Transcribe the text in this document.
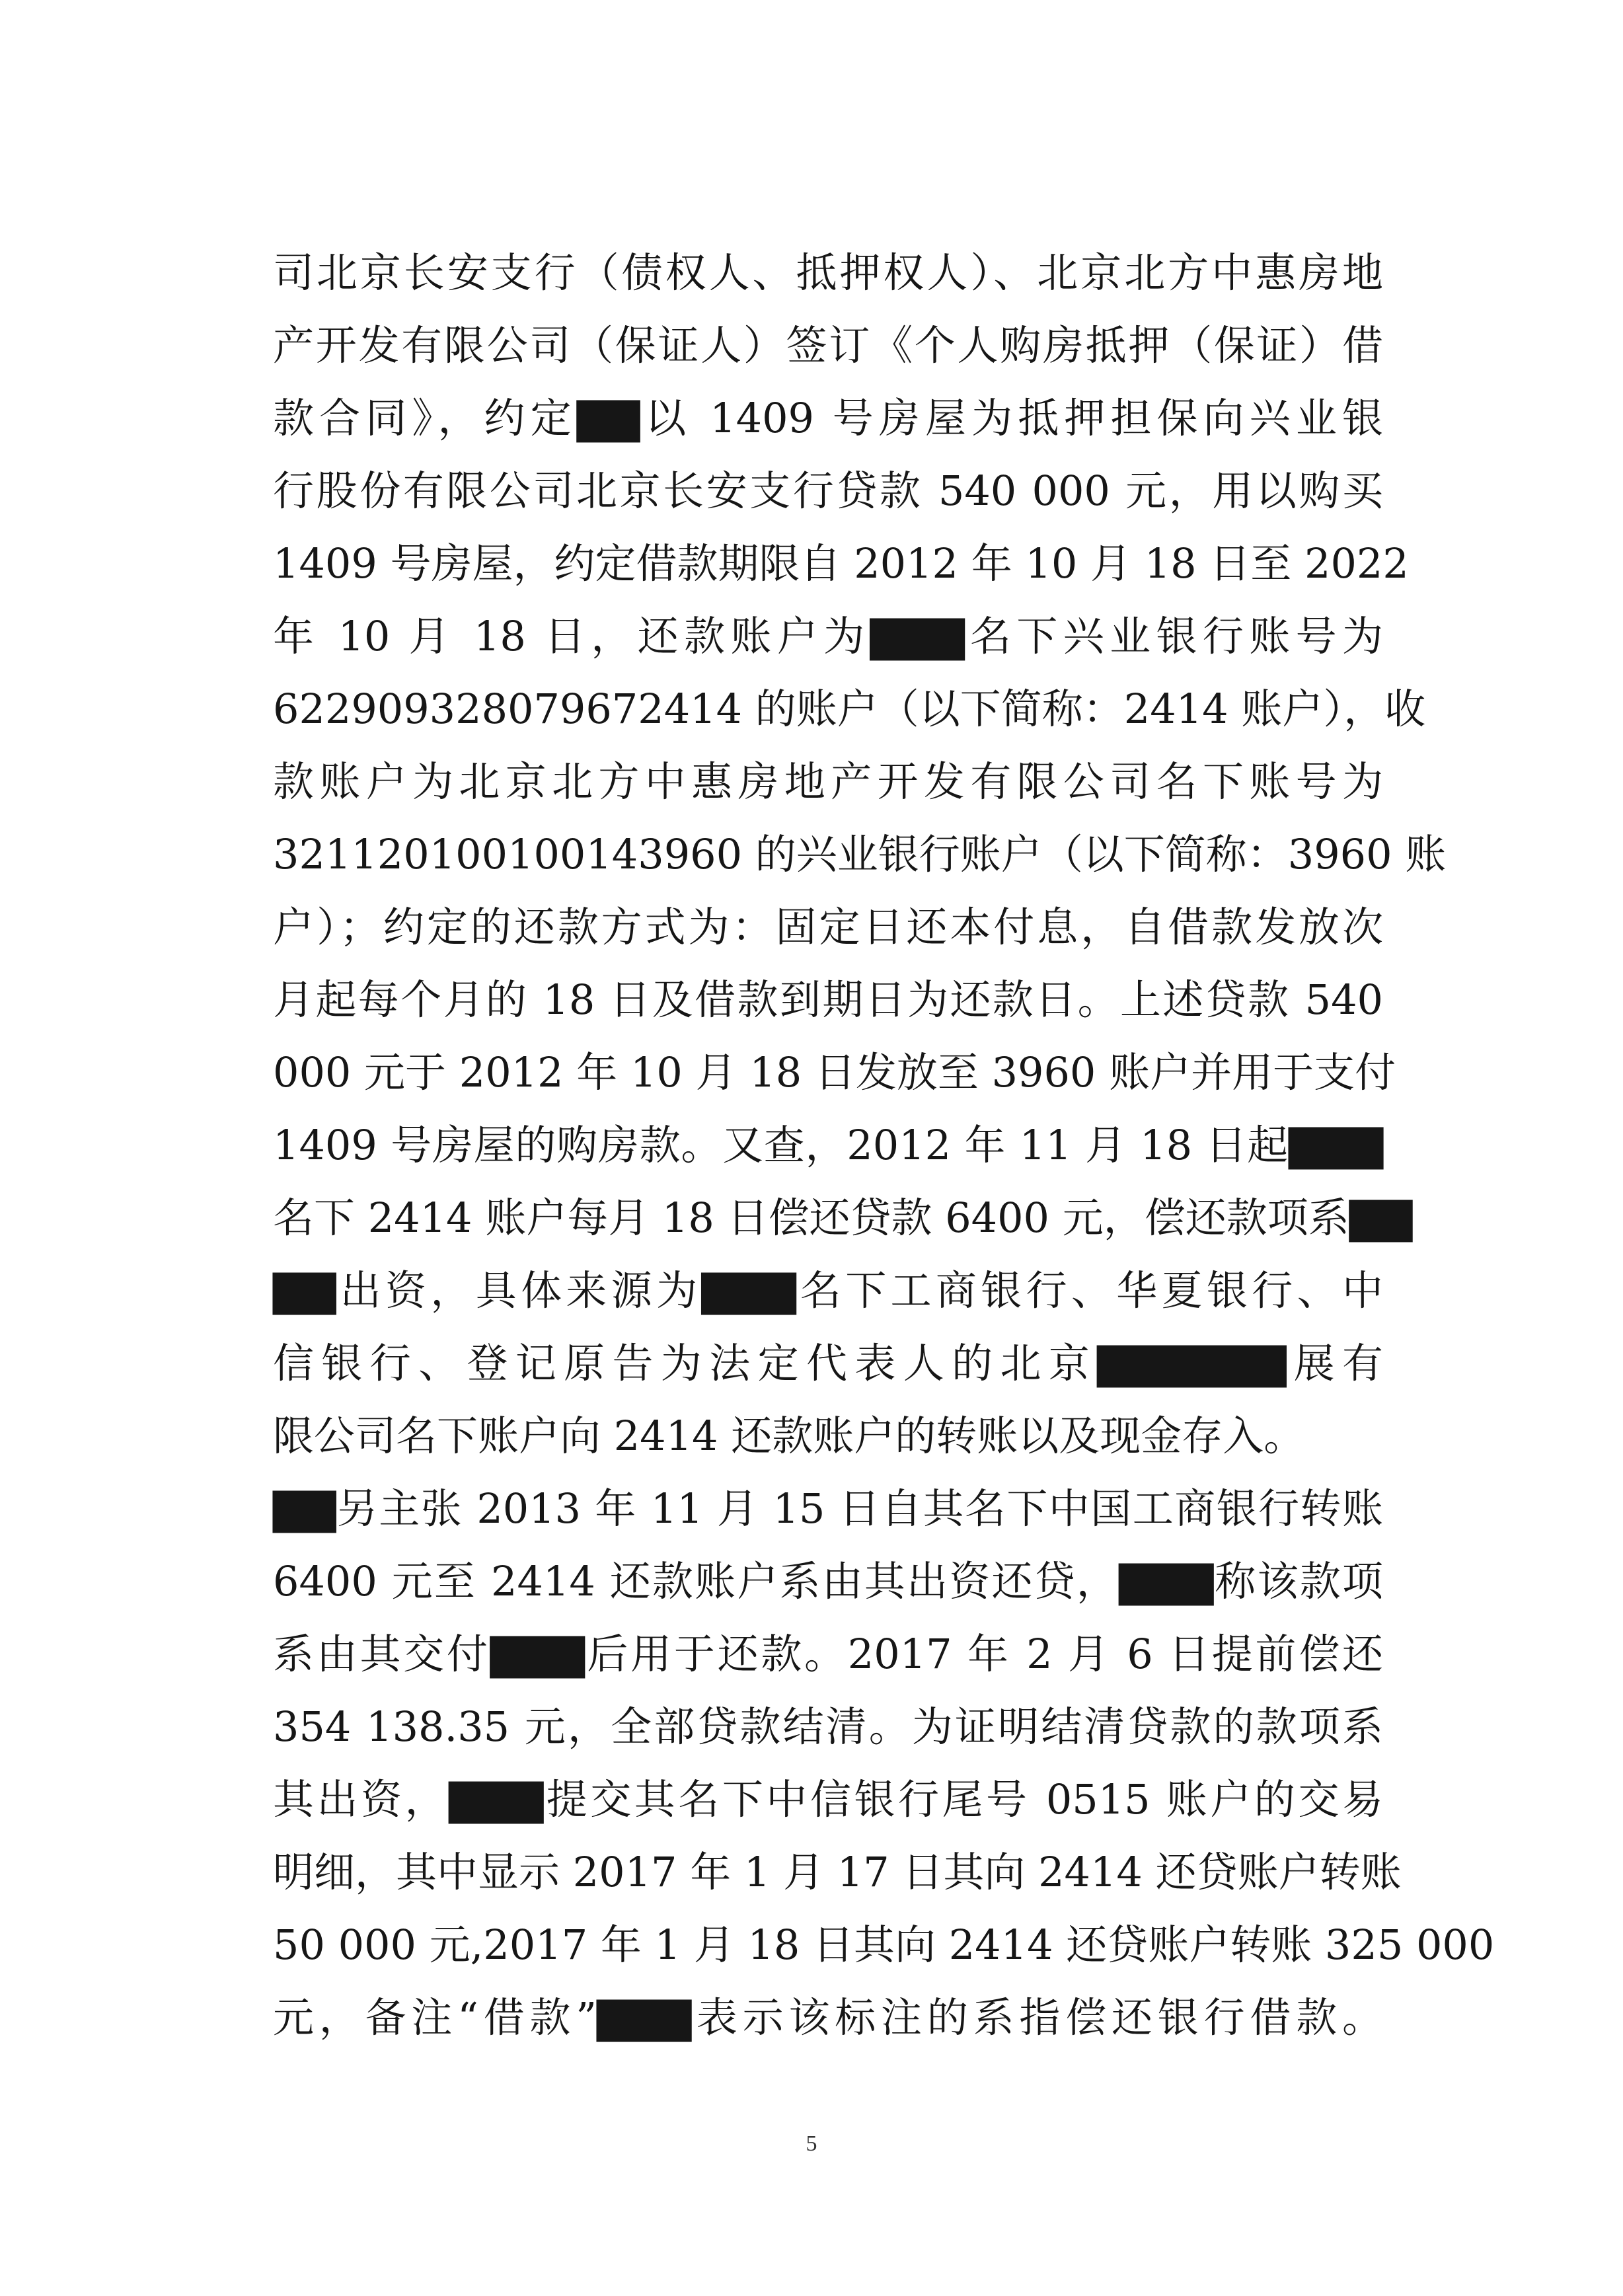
司北京长安支行（债权人、抵押权人）、北京北方中惠房地
产开发有限公司（保证人）签订《个人购房抵押（保证）借
款合同》，约定▇▇以 1409 号房屋为抵押担保向兴业银
行股份有限公司北京长安支行贷款 540 000 元，用以购买
1409 号房屋，约定借款期限自 2012 年 10 月 18 日至 2022
年 10 月 18 日，还款账户为▇▇▇名下兴业银行账号为
622909328079672414 的账户（以下简称：2414 账户），收
款账户为北京北方中惠房地产开发有限公司名下账号为
321120100100143960 的兴业银行账户（以下简称：3960 账
户）；约定的还款方式为：固定日还本付息，自借款发放次
月起每个月的 18 日及借款到期日为还款日。上述贷款 540
000 元于 2012 年 10 月 18 日发放至 3960 账户并用于支付
1409 号房屋的购房款。又查，2012 年 11 月 18 日起▇▇▇
名下 2414 账户每月 18 日偿还贷款 6400 元，偿还款项系▇▇
▇▇出资，具体来源为▇▇▇名下工商银行、华夏银行、中
信银行、登记原告为法定代表人的北京▇▇▇▇▇▇展有
限公司名下账户向 2414 还款账户的转账以及现金存入。
▇▇另主张 2013 年 11 月 15 日自其名下中国工商银行转账
6400 元至 2414 还款账户系由其出资还贷，▇▇▇称该款项
系由其交付▇▇▇后用于还款。2017 年 2 月 6 日提前偿还
354 138.35 元，全部贷款结清。为证明结清贷款的款项系
其出资，▇▇▇提交其名下中信银行尾号 0515 账户的交易
明细，其中显示 2017 年 1 月 17 日其向 2414 还贷账户转账
50 000 元,2017 年 1 月 18 日其向 2414 还贷账户转账 325 000
元，备注“借款”▇▇▇表示该标注的系指偿还银行借款。
5
